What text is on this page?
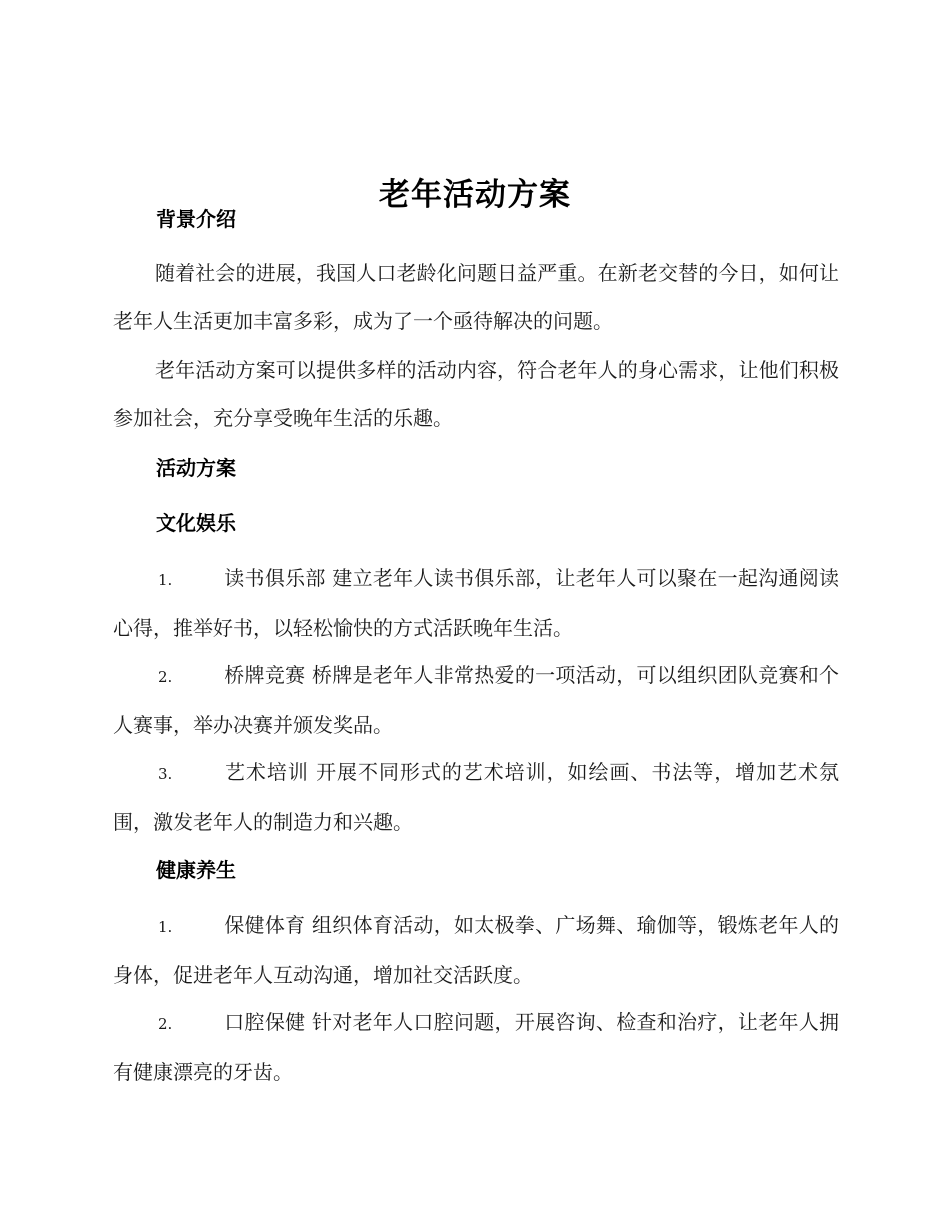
老年活动方案
背景介绍

随着社会的进展，我国人口老龄化问题日益严重。在新老交替的今日，如何让老年人生活更加丰富多彩，成为了一个亟待解决的问题。

老年活动方案可以提供多样的活动内容，符合老年人的身心需求，让他们积极参加社会，充分享受晚年生活的乐趣。

活动方案
文化娱乐

1.	读书俱乐部 建立老年人读书俱乐部，让老年人可以聚在一起沟通阅读心得，推举好书，以轻松愉快的方式活跃晚年生活。

2.	桥牌竞赛 桥牌是老年人非常热爱的一项活动，可以组织团队竞赛和个人赛事，举办决赛并颁发奖品。

3.	艺术培训 开展不同形式的艺术培训，如绘画、书法等，增加艺术氛围，激发老年人的制造力和兴趣。

健康养生

1.	保健体育 组织体育活动，如太极拳、广场舞、瑜伽等，锻炼老年人的身体，促进老年人互动沟通，增加社交活跃度。

2.	口腔保健 针对老年人口腔问题，开展咨询、检查和治疗，让老年人拥有健康漂亮的牙齿。
